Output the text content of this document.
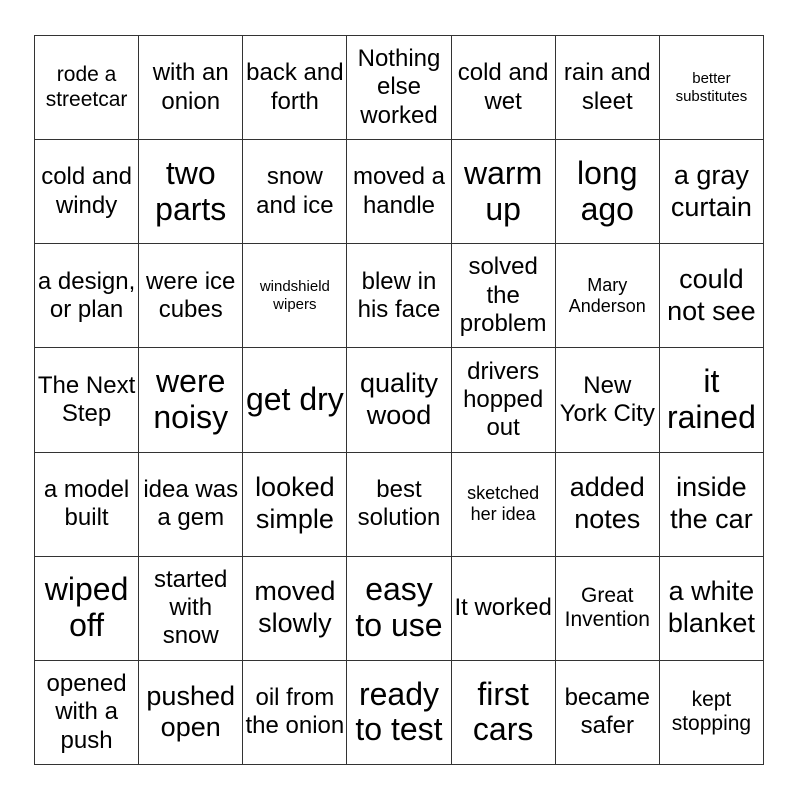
rode a streetcar
with an onion
back and forth
Nothing else worked
cold and wet
rain and sleet
better substitutes
cold and windy
two parts
snow and ice
moved a handle
warm up
long ago
a gray curtain
a design, or plan
were ice cubes
windshield wipers
blew in his face
solved the problem
Mary Anderson
could not see
The Next Step
were noisy get dry quality wood
drivers hopped out
New York City
it rained
a model built
idea was a gem
looked simple
best solution
sketched her idea
added notes
inside the car
wiped off
started with snow
moved slowly
easy to use It worked	Great Invention
a white blanket
opened with a push
pushed open
oil from the onion
ready to test
first cars
became safer
kept stopping
